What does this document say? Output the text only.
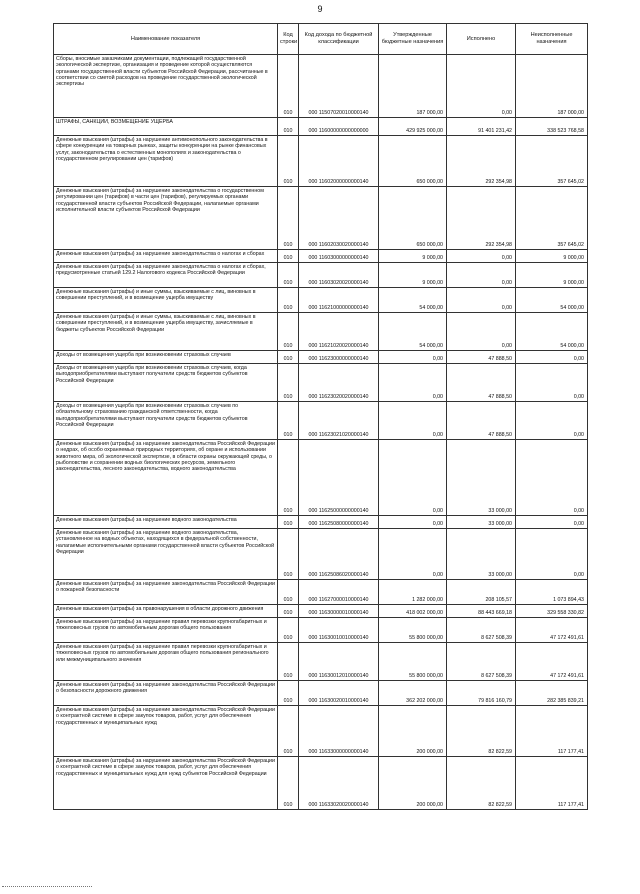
9
Наименование показателя	Код строки	Код дохода по бюджетной классификации	Утвержденные бюджетные назначения	Исполнено	Неисполненные назначения
Сборы, вносимые заказчиками документации, подлежащей государственной экологической экспертизе, организация и проведение которой осуществляются органами государственной власти субъектов Российской Федерации, рассчитанные в соответствии со сметой расходов на проведение государственной экологической экспертизы	010	000 11507020010000140	187 000,00	0,00	187 000,00
ШТРАФЫ, САНКЦИИ, ВОЗМЕЩЕНИЕ УЩЕРБА	010	000 11600000000000000	429 925 000,00	91 401 231,42	338 523 768,58
Денежные взыскания (штрафы) за нарушение антимонопольного законодательства в сфере конкуренции на товарных рынках, защиты конкуренции на рынке финансовых услуг, законодательства о естественных монополиях и законодательства о государственном регулировании цен (тарифов)	010	000 11602000000000140	650 000,00	292 354,98	357 645,02
Денежные взыскания (штрафы) за нарушение законодательства о государственном регулировании цен (тарифов) в части цен (тарифов), регулируемых органами государственной власти субъектов Российской Федерации, налагаемые органами исполнительной власти субъектов Российской Федерации	010	000 11602030020000140	650 000,00	292 354,98	357 645,02
Денежные взыскания (штрафы) за нарушение законодательства о налогах и сборах	010	000 11603000000000140	9 000,00	0,00	9 000,00
Денежные взыскания (штрафы) за нарушение законодательства о налогах и сборах, предусмотренные статьей 129.2 Налогового кодекса Российской Федерации	010	000 11603020020000140	9 000,00	0,00	9 000,00
Денежные взыскания (штрафы) и иные суммы, взыскиваемые с лиц, виновных в совершении преступлений, и в возмещение ущерба имуществу	010	000 11621000000000140	54 000,00	0,00	54 000,00
Денежные взыскания (штрафы) и иные суммы, взыскиваемые с лиц, виновных в совершении преступлений, и в возмещение ущерба имуществу, зачисляемые в бюджеты субъектов Российской Федерации	010	000 11621020020000140	54 000,00	0,00	54 000,00
Доходы от возмещения ущерба при возникновении страховых случаев	010	000 11623000000000140	0,00	47 888,50	0,00
Доходы от возмещения ущерба при возникновении страховых случаев, когда выгодоприобретателями выступают получатели средств бюджетов субъектов Российской Федерации	010	000 11623020020000140	0,00	47 888,50	0,00
Доходы от возмещения ущерба при возникновении страховых случаев по обязательному страхованию гражданской ответственности, когда выгодоприобретателями выступают получатели средств бюджетов субъектов Российской Федерации	010	000 11623021020000140	0,00	47 888,50	0,00
Денежные взыскания (штрафы) за нарушение законодательства Российской Федерации о недрах, об особо охраняемых природных территориях, об охране и использовании животного мира, об экологической экспертизе, в области охраны окружающей среды, о рыболовстве и сохранении водных биологических ресурсов, земельного законодательства, лесного законодательства, водного законодательства	010	000 11625000000000140	0,00	33 000,00	0,00
Денежные взыскания (штрафы) за нарушение водного законодательства	010	000 11625080000000140	0,00	33 000,00	0,00
Денежные взыскания (штрафы) за нарушение водного законодательства, установленное на водных объектах, находящихся в федеральной собственности, налагаемые исполнительными органами государственной власти субъектов Российской Федерации	010	000 11625086020000140	0,00	33 000,00	0,00
Денежные взыскания (штрафы) за нарушение законодательства Российской Федерации о пожарной безопасности	010	000 11627000010000140	1 282 000,00	208 105,57	1 073 894,43
Денежные взыскания (штрафы) за правонарушения в области дорожного движения	010	000 11630000010000140	418 002 000,00	88 443 669,18	329 558 330,82
Денежные взыскания (штрафы) за нарушение правил перевозки крупногабаритных и тяжеловесных грузов по автомобильным дорогам общего пользования	010	000 11630010010000140	55 800 000,00	8 627 508,39	47 172 491,61
Денежные взыскания (штрафы) за нарушение правил перевозки крупногабаритных и тяжеловесных грузов по автомобильным дорогам общего пользования регионального или межмуниципального значения	010	000 11630012010000140	55 800 000,00	8 627 508,39	47 172 491,61
Денежные взыскания (штрафы) за нарушение законодательства Российской Федерации о безопасности дорожного движения	010	000 11630020010000140	362 202 000,00	79 816 160,79	282 385 839,21
Денежные взыскания (штрафы) за нарушение законодательства Российской Федерации о контрактной системе в сфере закупок товаров, работ, услуг для обеспечения государственных и муниципальных нужд	010	000 11633000000000140	200 000,00	82 822,59	117 177,41
Денежные взыскания (штрафы) за нарушение законодательства Российской Федерации о контрактной системе в сфере закупок товаров, работ, услуг для обеспечения государственных и муниципальных нужд для нужд субъектов Российской Федерации	010	000 11633020020000140	200 000,00	82 822,59	117 177,41
